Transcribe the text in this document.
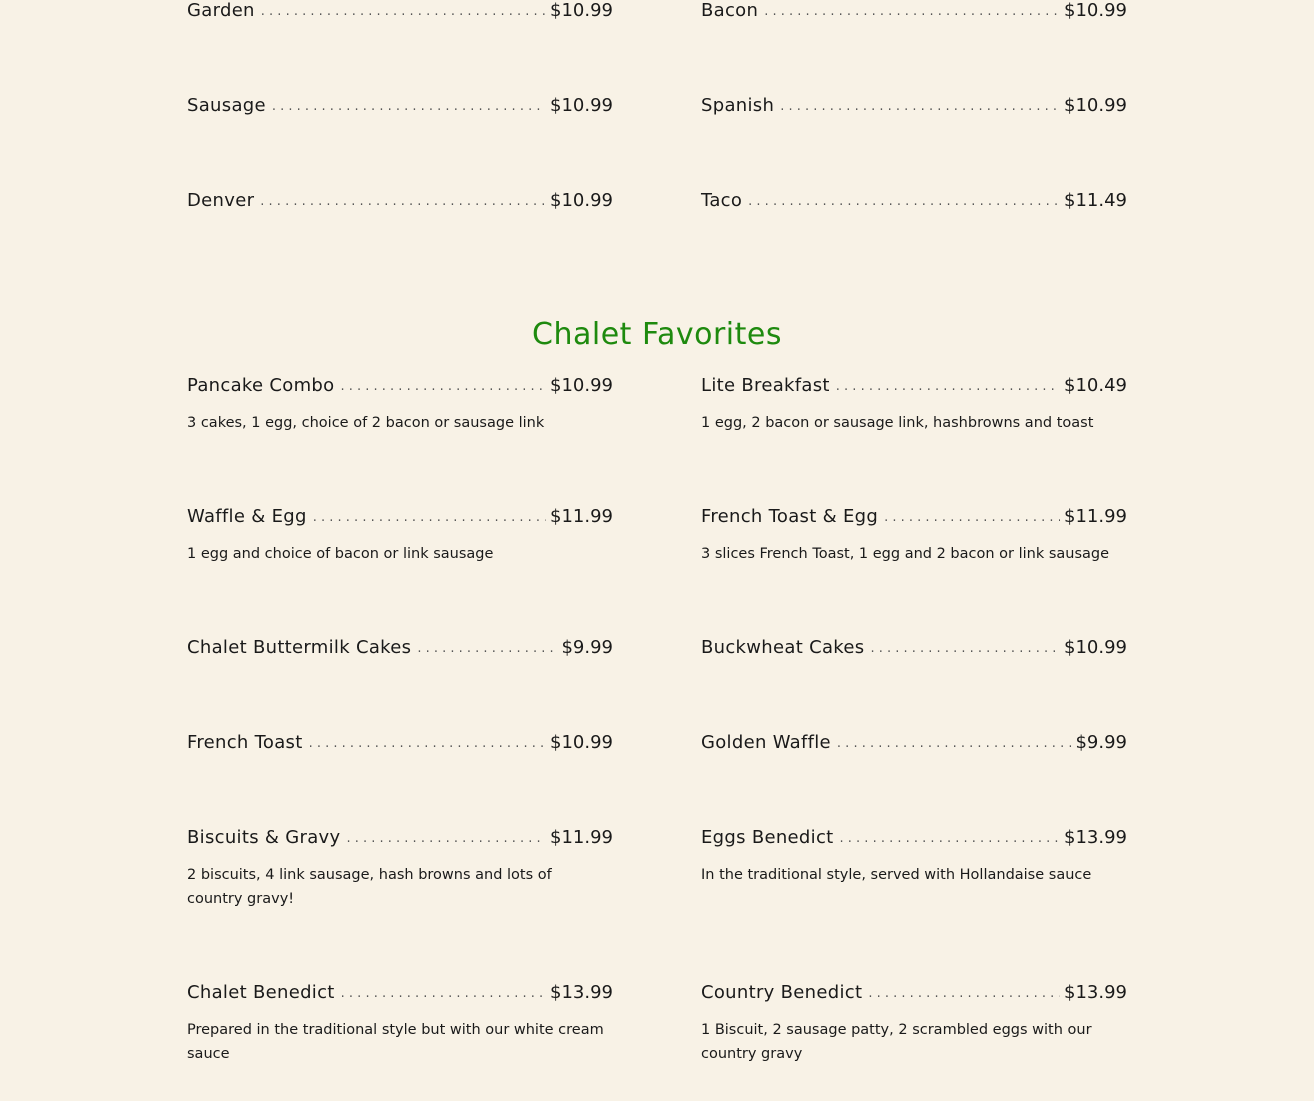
Garden . . .	$10.99	Bacon . . .	$10.99
Sausage . . .	$10.99	Spanish . . .	$10.99
Denver . . .	$10.99	Taco . . .	$11.49
Chalet Favorites
Pancake Combo . . .	$10.99
3 cakes, 1 egg, choice of 2 bacon or sausage link
Lite Breakfast . . .	$10.49
1 egg, 2 bacon or sausage link, hashbrowns and toast
Waffle & Egg . . .	$11.99
1 egg and choice of bacon or link sausage
French Toast & Egg . . .	$11.99
3 slices French Toast, 1 egg and 2 bacon or link sausage
Chalet Buttermilk Cakes . . .	$9.99	Buckwheat Cakes . . .	$10.99
French Toast . . .	$10.99	Golden Waffle . . .	$9.99
Biscuits & Gravy . . .	$11.99
2 biscuits, 4 link sausage, hash browns and lots of country gravy!
Eggs Benedict . . .	$13.99
In the traditional style, served with Hollandaise sauce
Chalet Benedict . . .	$13.99
Prepared in the traditional style but with our white cream sauce
Country Benedict . . .	$13.99
1 Biscuit, 2 sausage patty, 2 scrambled eggs with our country gravy
